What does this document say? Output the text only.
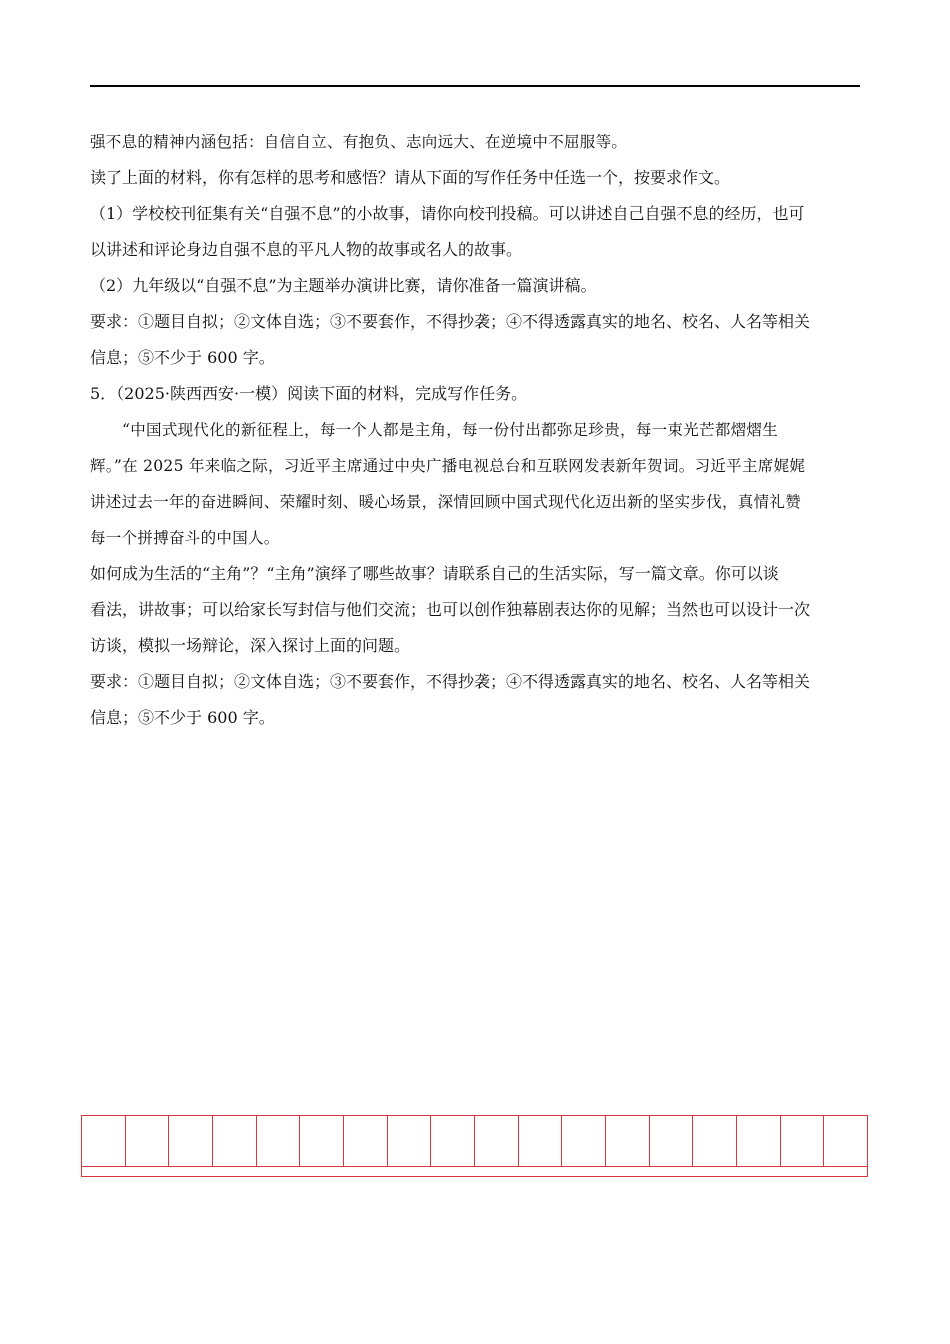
强不息的精神内涵包括：自信自立、有抱负、志向远大、在逆境中不屈服等。
读了上面的材料，你有怎样的思考和感悟？请从下面的写作任务中任选一个，按要求作文。
（1）学校校刊征集有关“自强不息”的小故事，请你向校刊投稿。可以讲述自己自强不息的经历，也可
以讲述和评论身边自强不息的平凡人物的故事或名人的故事。
（2）九年级以“自强不息”为主题举办演讲比赛，请你准备一篇演讲稿。
要求：①题目自拟；②文体自选；③不要套作，不得抄袭；④不得透露真实的地名、校名、人名等相关
信息；⑤不少于 600 字。
5．（2025·陕西西安·一模）阅读下面的材料，完成写作任务。
“中国式现代化的新征程上，每一个人都是主角，每一份付出都弥足珍贵，每一束光芒都熠熠生
辉。”在 2025 年来临之际，习近平主席通过中央广播电视总台和互联网发表新年贺词。习近平主席娓娓
讲述过去一年的奋进瞬间、荣耀时刻、暖心场景，深情回顾中国式现代化迈出新的坚实步伐，真情礼赞
每一个拼搏奋斗的中国人。
如何成为生活的“主角”？“主角”演绎了哪些故事？请联系自己的生活实际，写一篇文章。你可以谈
看法，讲故事；可以给家长写封信与他们交流；也可以创作独幕剧表达你的见解；当然也可以设计一次
访谈，模拟一场辩论，深入探讨上面的问题。
要求：①题目自拟；②文体自选；③不要套作，不得抄袭；④不得透露真实的地名、校名、人名等相关
信息；⑤不少于 600 字。
